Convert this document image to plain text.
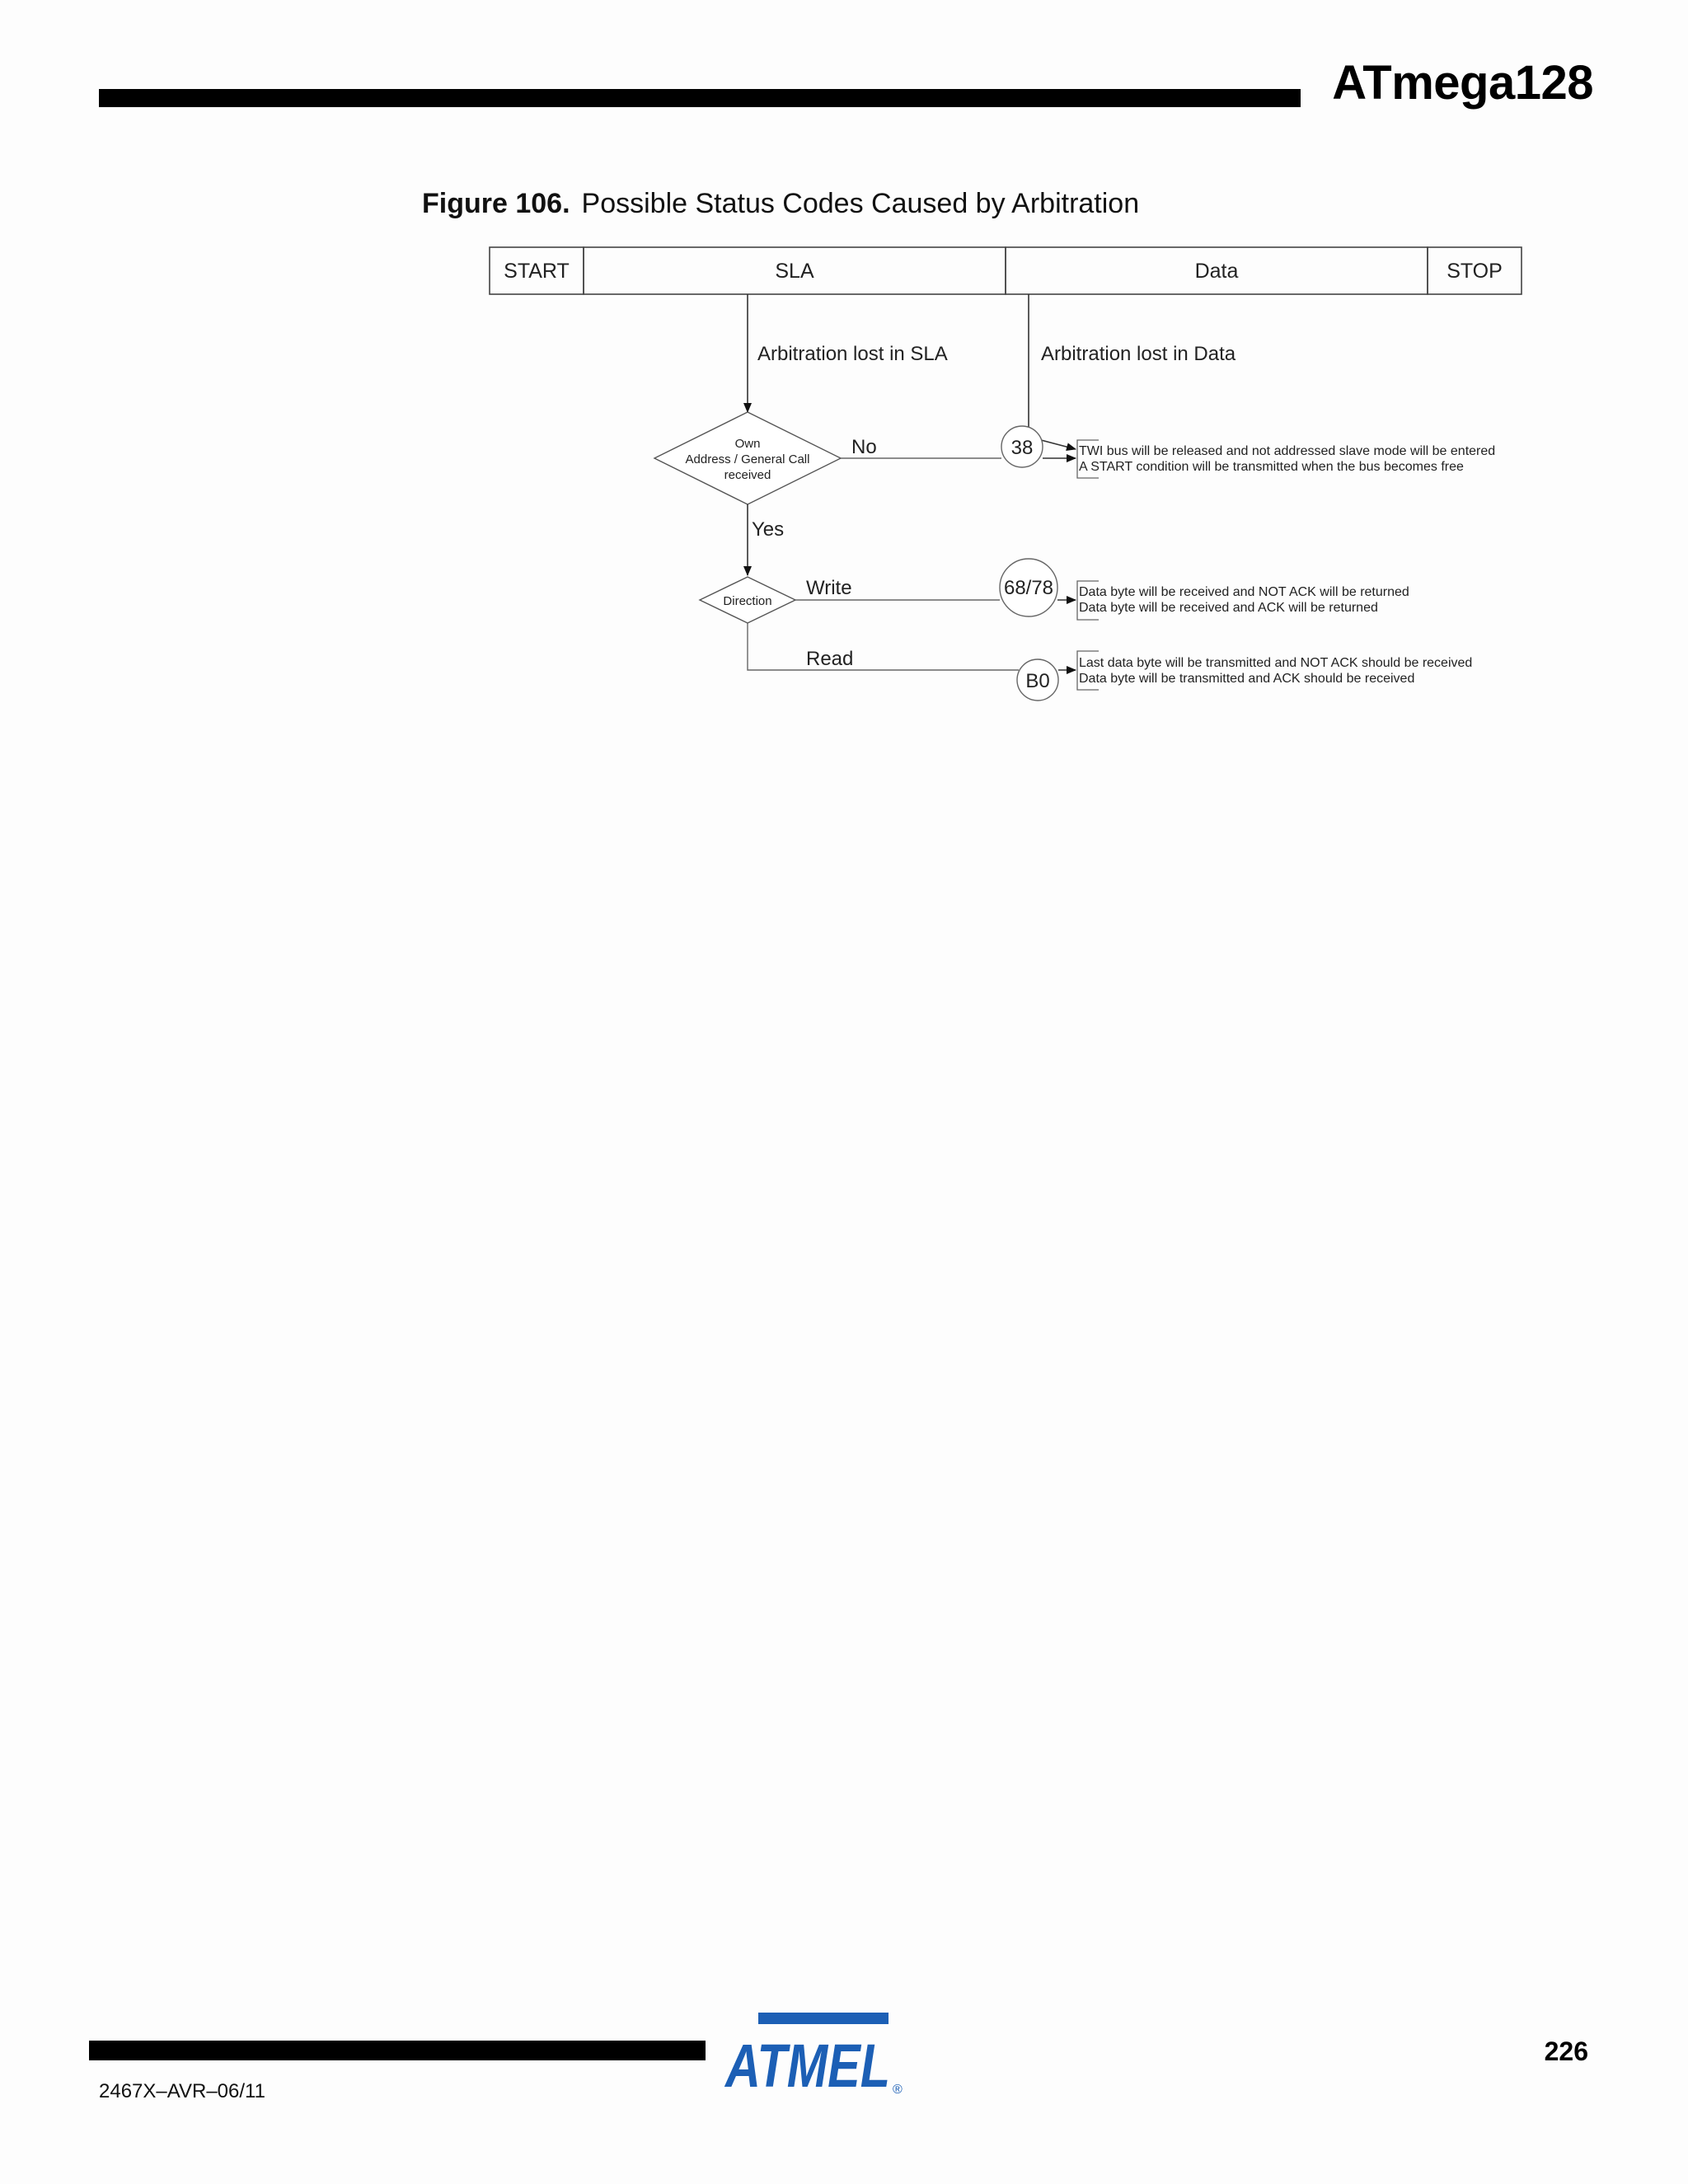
ATmega128
Figure 106. Possible Status Codes Caused by Arbitration
START	SLA	Data	STOP
Arbitration lost in SLA	Arbitration lost in Data
Own
Address / General Call
received
No	38	TWI bus will be released and not addressed slave mode will be entered
A START condition will be transmitted when the bus becomes free
Yes
Direction
Write	68/78 Data byte will be received and NOT ACK will be returned
Data byte will be received and ACK will be returned
Read
B0
Last data byte will be transmitted and NOT ACK should be received
Data byte will be transmitted and ACK should be received
226
2467X–AVR–06/11	ATMEL ®
